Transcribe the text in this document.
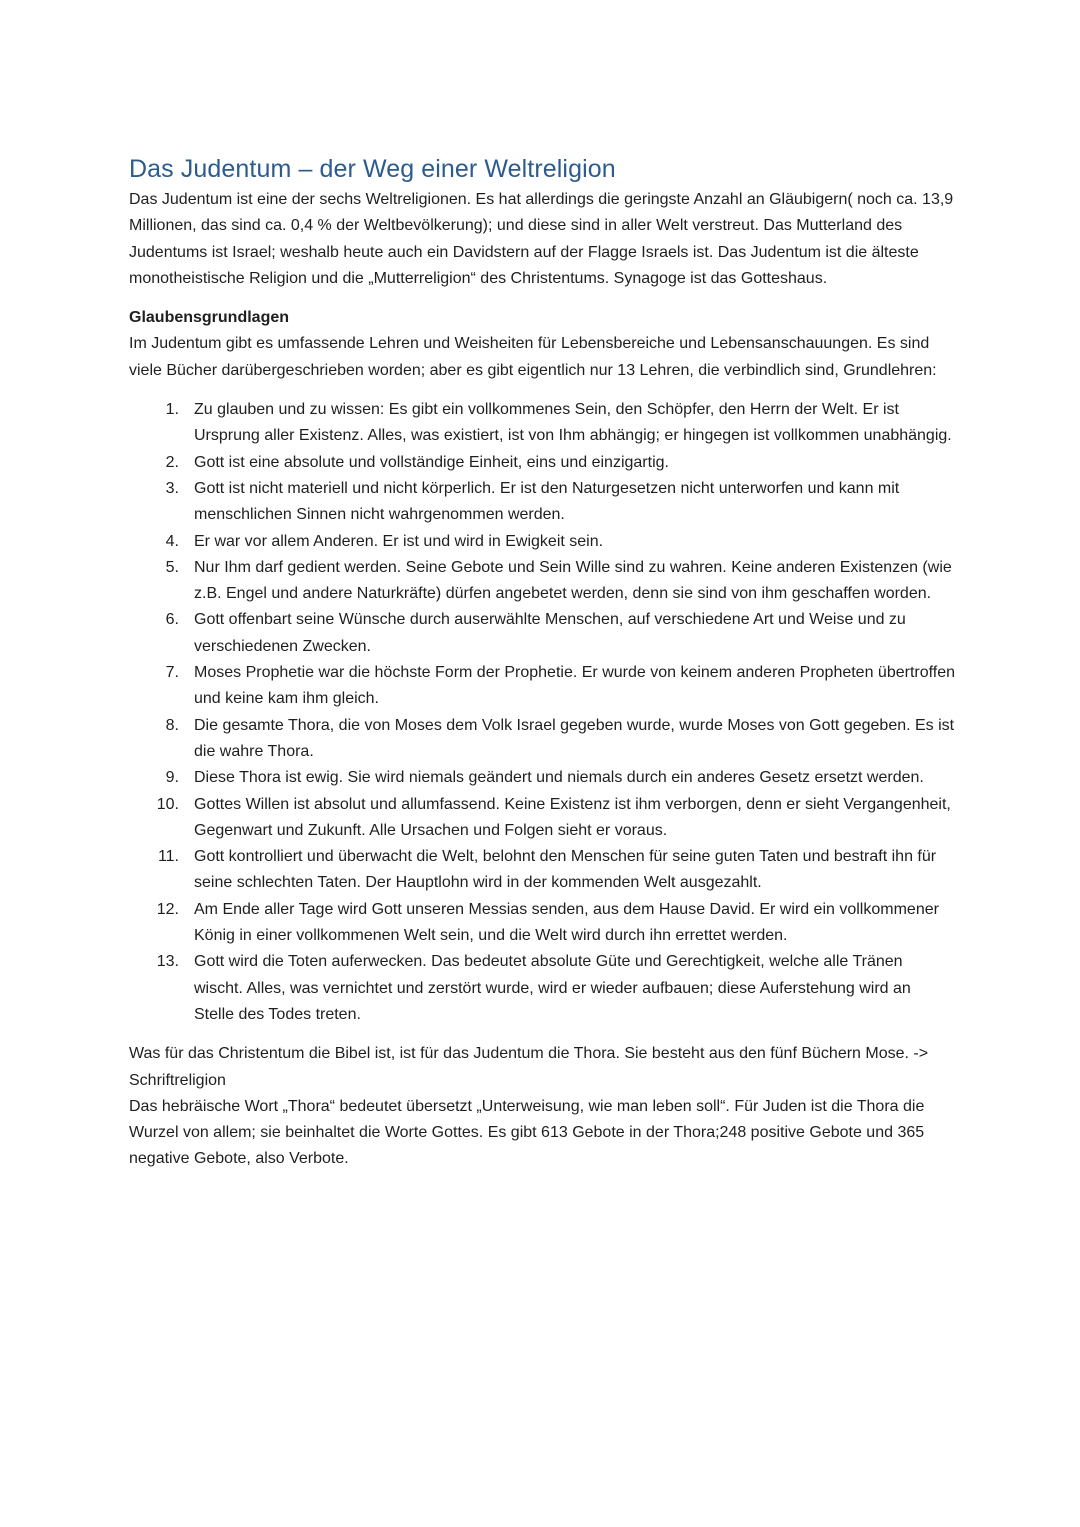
Das Judentum – der Weg einer Weltreligion

Das Judentum ist eine der sechs Weltreligionen. Es hat allerdings die geringste Anzahl an Gläubigern( noch ca. 13,9 Millionen, das sind ca. 0,4 % der Weltbevölkerung); und diese sind in aller Welt verstreut. Das Mutterland des Judentums ist Israel; weshalb heute auch ein Davidstern auf der Flagge Israels ist. Das Judentum ist die älteste monotheistische Religion und die „Mutterreligion“ des Christentums. Synagoge ist das Gotteshaus.

Glaubensgrundlagen

Im Judentum gibt es umfassende Lehren und Weisheiten für Lebensbereiche und Lebensanschauungen. Es sind viele Bücher darübergeschrieben worden; aber es gibt eigentlich nur 13 Lehren, die verbindlich sind, Grundlehren:

1. Zu glauben und zu wissen: Es gibt ein vollkommenes Sein, den Schöpfer, den Herrn der Welt. Er ist Ursprung aller Existenz. Alles, was existiert, ist von Ihm abhängig; er hingegen ist vollkommen unabhängig.
2. Gott ist eine absolute und vollständige Einheit, eins und einzigartig.
3. Gott ist nicht materiell und nicht körperlich. Er ist den Naturgesetzen nicht unterworfen und kann mit menschlichen Sinnen nicht wahrgenommen werden.
4. Er war vor allem Anderen. Er ist und wird in Ewigkeit sein.
5. Nur Ihm darf gedient werden. Seine Gebote und Sein Wille sind zu wahren. Keine anderen Existenzen (wie z.B. Engel und andere Naturkräfte) dürfen angebetet werden, denn sie sind von ihm geschaffen worden.
6. Gott offenbart seine Wünsche durch auserwählte Menschen, auf verschiedene Art und Weise und zu verschiedenen Zwecken.
7. Moses Prophetie war die höchste Form der Prophetie. Er wurde von keinem anderen Propheten übertroffen und keine kam ihm gleich.
8. Die gesamte Thora, die von Moses dem Volk Israel gegeben wurde, wurde Moses von Gott gegeben. Es ist die wahre Thora.
9. Diese Thora ist ewig. Sie wird niemals geändert und niemals durch ein anderes Gesetz ersetzt werden.
10. Gottes Willen ist absolut und allumfassend. Keine Existenz ist ihm verborgen, denn er sieht Vergangenheit, Gegenwart und Zukunft. Alle Ursachen und Folgen sieht er voraus.
11. Gott kontrolliert und überwacht die Welt, belohnt den Menschen für seine guten Taten und bestraft ihn für seine schlechten Taten. Der Hauptlohn wird in der kommenden Welt ausgezahlt.
12. Am Ende aller Tage wird Gott unseren Messias senden, aus dem Hause David. Er wird ein vollkommener König in einer vollkommenen Welt sein, und die Welt wird durch ihn errettet werden.
13. Gott wird die Toten auferwecken. Das bedeutet absolute Güte und Gerechtigkeit, welche alle Tränen wischt. Alles, was vernichtet und zerstört wurde, wird er wieder aufbauen; diese Auferstehung wird an Stelle des Todes treten.

Was für das Christentum die Bibel ist, ist für das Judentum die Thora. Sie besteht aus den fünf Büchern Mose. -> Schriftreligion

Das hebräische Wort „Thora“ bedeutet übersetzt „Unterweisung, wie man leben soll“. Für Juden ist die Thora die Wurzel von allem; sie beinhaltet die Worte Gottes. Es gibt 613 Gebote in der Thora;248 positive Gebote und 365 negative Gebote, also Verbote.
